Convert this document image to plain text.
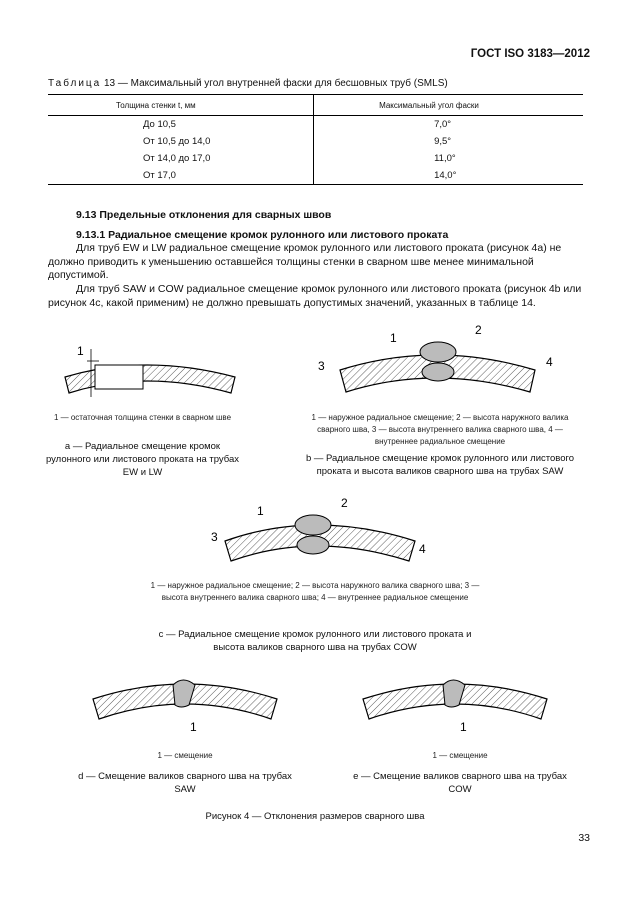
ГОСТ ISO 3183—2012
Таблица 13 — Максимальный угол внутренней фаски для бесшовных труб (SMLS)
Толщина стенки t, мм	Максимальный угол фаски
До 10,5	7,0°
От 10,5 до 14,0	9,5°
От 14,0 до 17,0	11,0°
От 17,0	14,0°
9.13 Предельные отклонения для сварных швов
9.13.1 Радиальное смещение кромок рулонного или листового проката
Для труб EW и LW радиальное смещение кромок рулонного или листового проката (рисунок 4a) не должно приводить к уменьшению оставшейся толщины стенки в сварном шве менее минимальной допустимой.
Для труб SAW и COW радиальное смещение кромок рулонного или листового проката (рисунок 4b или рисунок 4c, какой применим) не должно превышать допустимых значений, указанных в таблице 14.
1
1 — остаточная толщина стенки в сварном шве
a — Радиальное смещение кромок рулонного или листового проката на трубах EW и LW
3
1
2
4
1 — наружное радиальное смещение; 2 — высота наружного валика сварного шва, 3 — высота внутреннего валика сварного шва, 4 — внутреннее радиальное смещение
b — Радиальное смещение кромок рулонного или листового проката и высота валиков сварного шва на трубах SAW
3
1
2
4
1 — наружное радиальное смещение; 2 — высота наружного валика сварного шва; 3 — высота внутреннего валика сварного шва; 4 — внутреннее радиальное смещение
c — Радиальное смещение кромок рулонного или листового проката и высота валиков сварного шва на трубах COW
1
1 — смещение
d — Смещение валиков сварного шва на трубах SAW
1
1 — смещение
e — Смещение валиков сварного шва на трубах COW
Рисунок 4 — Отклонения размеров сварного шва
33
